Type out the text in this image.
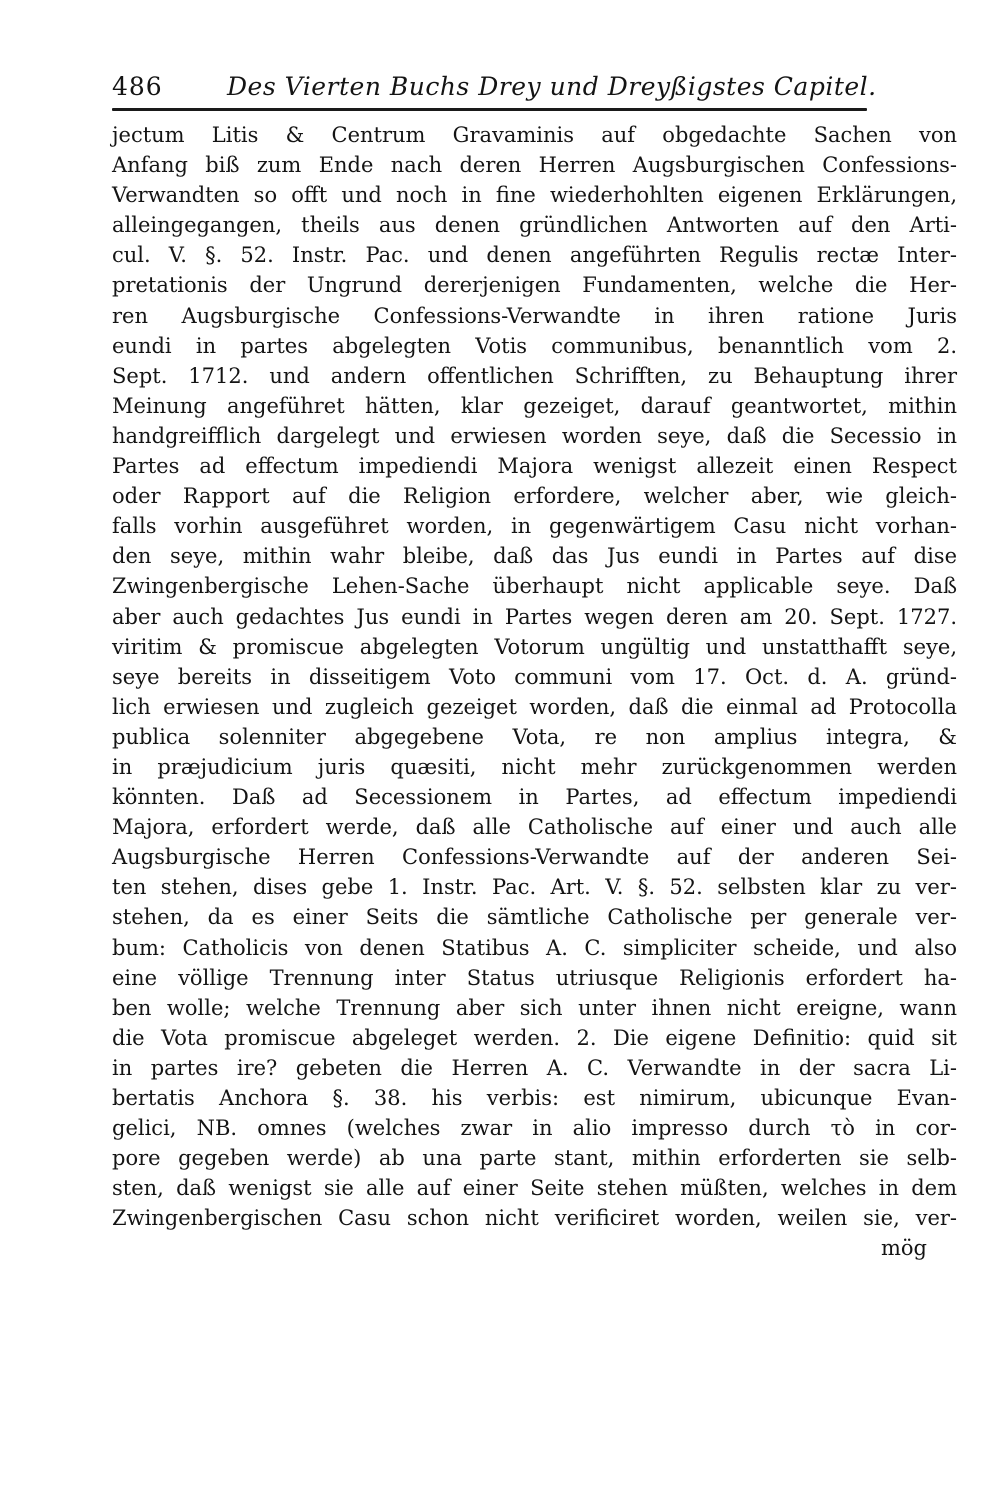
486	Des Vierten Buchs Drey und Dreyßigstes Capitel.
jectum Litis & Centrum Gravaminis auf obgedachte Sachen von
Anfang biß zum Ende nach deren Herren Augsburgischen Confessions-
Verwandten so offt und noch in fine wiederhohlten eigenen Erklärungen,
alleingegangen, theils aus denen gründlichen Antworten auf den Arti-
cul. V. §. 52. Instr. Pac. und denen angeführten Regulis rectæ Inter-
pretationis der Ungrund dererjenigen Fundamenten, welche die Her-
ren Augsburgische Confessions-Verwandte in ihren ratione Juris
eundi in partes abgelegten Votis communibus, benanntlich vom 2.
Sept. 1712. und andern offentlichen Schrifften, zu Behauptung ihrer
Meinung angeführet hätten, klar gezeiget, darauf geantwortet, mithin
handgreifflich dargelegt und erwiesen worden seye, daß die Secessio in
Partes ad effectum impediendi Majora wenigst allezeit einen Respect
oder Rapport auf die Religion erfordere, welcher aber, wie gleich-
falls vorhin ausgeführet worden, in gegenwärtigem Casu nicht vorhan-
den seye, mithin wahr bleibe, daß das Jus eundi in Partes auf dise
Zwingenbergische Lehen-Sache überhaupt nicht applicable seye. Daß
aber auch gedachtes Jus eundi in Partes wegen deren am 20. Sept. 1727.
viritim & promiscue abgelegten Votorum ungültig und unstatthafft seye,
seye bereits in disseitigem Voto communi vom 17. Oct. d. A. gründ-
lich erwiesen und zugleich gezeiget worden, daß die einmal ad Protocolla
publica solenniter abgegebene Vota, re non amplius integra, &
in præjudicium juris quæsiti, nicht mehr zurückgenommen werden
könnten. Daß ad Secessionem in Partes, ad effectum impediendi
Majora, erfordert werde, daß alle Catholische auf einer und auch alle
Augsburgische Herren Confessions-Verwandte auf der anderen Sei-
ten stehen, dises gebe 1. Instr. Pac. Art. V. §. 52. selbsten klar zu ver-
stehen, da es einer Seits die sämtliche Catholische per generale ver-
bum: Catholicis von denen Statibus A. C. simpliciter scheide, und also
eine völlige Trennung inter Status utriusque Religionis erfordert ha-
ben wolle; welche Trennung aber sich unter ihnen nicht ereigne, wann
die Vota promiscue abgeleget werden. 2. Die eigene Definitio: quid sit
in partes ire? gebeten die Herren A. C. Verwandte in der sacra Li-
bertatis Anchora §. 38. his verbis: est nimirum, ubicunque Evan-
gelici, NB. omnes (welches zwar in alio impresso durch τὸ in cor-
pore gegeben werde) ab una parte stant, mithin erforderten sie selb-
sten, daß wenigst sie alle auf einer Seite stehen müßten, welches in dem
Zwingenbergischen Casu schon nicht verificiret worden, weilen sie, ver-
mög
